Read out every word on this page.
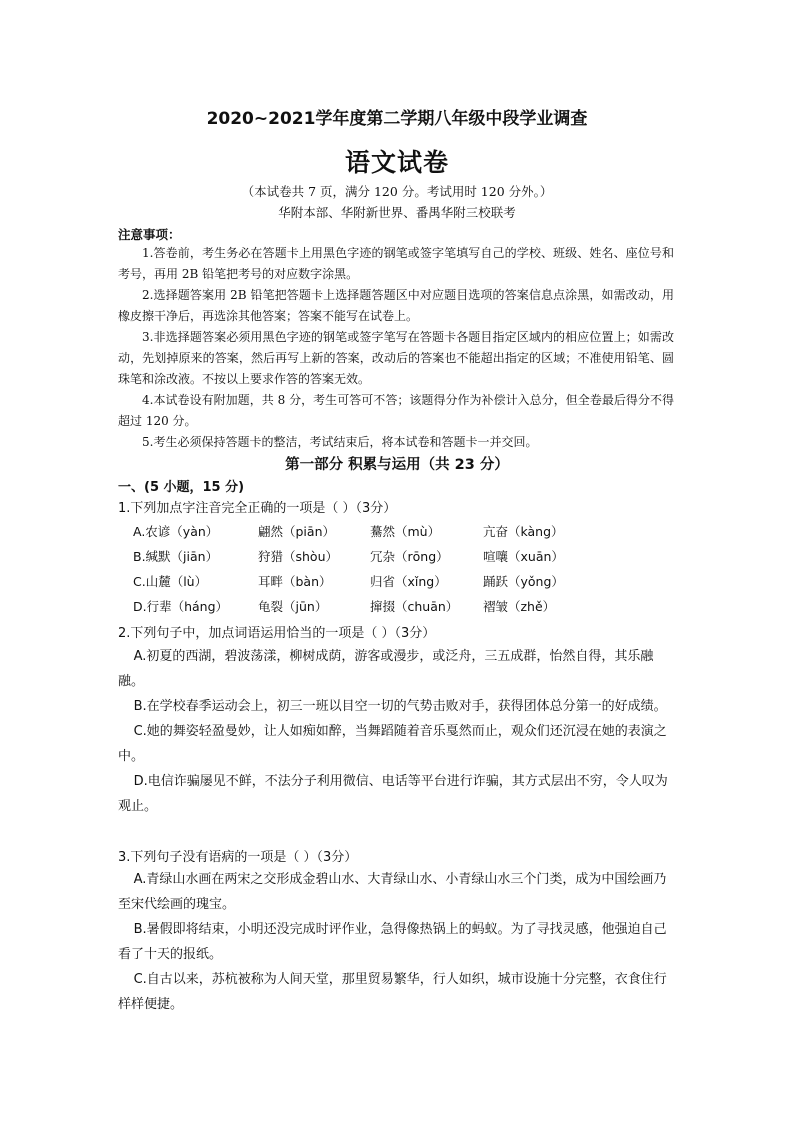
2020~2021学年度第二学期八年级中段学业调查
语文试卷
（本试卷共 7 页，满分 120 分。考试用时 120 分外。）
华附本部、华附新世界、番禺华附三校联考
注意事项：

1.答卷前，考生务必在答题卡上用黑色字迹的钢笔或签字笔填写自己的学校、班级、姓名、座位号和考号，再用 2B 铅笔把考号的对应数字涂黑。

2.选择题答案用 2B 铅笔把答题卡上选择题答题区中对应题目选项的答案信息点涂黑，如需改动，用橡皮擦干净后，再选涂其他答案；答案不能写在试卷上。

3.非选择题答案必须用黑色字迹的钢笔或签字笔写在答题卡各题目指定区域内的相应位置上；如需改动，先划掉原来的答案，然后再写上新的答案，改动后的答案也不能超出指定的区域；不准使用铅笔、圆珠笔和涂改液。不按以上要求作答的答案无效。

4.本试卷设有附加题，共 8 分，考生可答可不答；该题得分作为补偿计入总分，但全卷最后得分不得超过 120 分。

5.考生必须保持答题卡的整洁，考试结束后，将本试卷和答题卡一并交回。

第一部分 积累与运用（共 23 分）
一、(5 小题，15 分)
1.下列加点字注音完全正确的一项是（ ）（3分）
A.农谚（yàn）	翩然（piān）	驀然（mù）	亢奋（kàng）
B.缄默（jiān）	狩猎（shòu）	冗杂（rōng）	喧嚷（xuān）
C.山麓（lù）	耳畔（bàn）	归省（xǐng）	踊跃（yǒng）
D.行辈（háng） 龟裂（jūn）	撺掇（chuān） 褶皱（zhě）
2.下列句子中，加点词语运用恰当的一项是（ ）（3分）

A.初夏的西湖，碧波荡漾，柳树成荫，游客或漫步，或泛舟，三五成群，怡然自得，其乐融融。

B.在学校春季运动会上，初三一班以目空一切的气势击败对手，获得团体总分第一的好成绩。

C.她的舞姿轻盈曼妙，让人如痴如醉，当舞蹈随着音乐戛然而止，观众们还沉浸在她的表演之中。

D.电信诈骗屡见不鲜，不法分子利用微信、电话等平台进行诈骗，其方式层出不穷，令人叹为观止。

3.下列句子没有语病的一项是（ ）（3分）

A.青绿山水画在两宋之交形成金碧山水、大青绿山水、小青绿山水三个门类，成为中国绘画乃至宋代绘画的瑰宝。

B.暑假即将结束，小明还没完成时评作业，急得像热锅上的蚂蚁。为了寻找灵感，他强迫自己看了十天的报纸。

C.自古以来，苏杭被称为人间天堂，那里贸易繁华，行人如织，城市设施十分完整，衣食住行样样便捷。
